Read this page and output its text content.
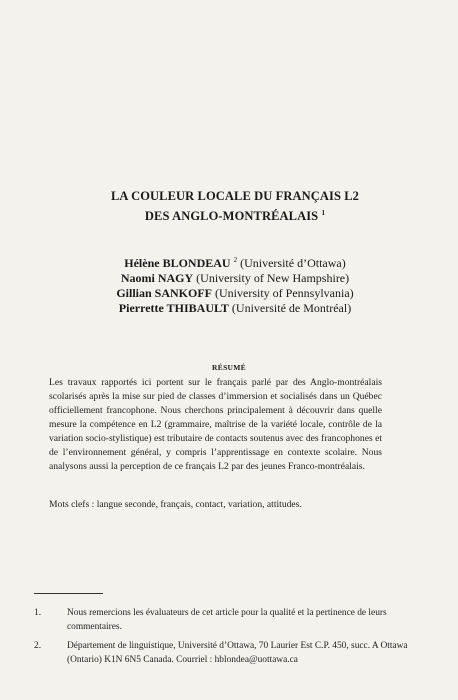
LA COULEUR LOCALE DU FRANÇAIS L2
DES ANGLO-MONTRÉALAIS $^1$
Hélène BLONDEAU $^2$ (Université d’Ottawa)
Naomi NAGY (University of New Hampshire)
Gillian SANKOFF (University of Pennsylvania)
Pierrette THIBAULT (Université de Montréal)
RÉSUMÉ
Les travaux rapportés ici portent sur le français parlé par des Anglo-montréalais scolarisés après la mise sur pied de classes d’immersion et socialisés dans un Québec officiellement francophone. Nous cherchons principalement à découvrir dans quelle mesure la compétence en L2 (grammaire, maîtrise de la variété locale, contrôle de la variation socio-stylistique) est tributaire de contacts soutenus avec des francophones et de l’environnement général, y compris l’apprentissage en contexte scolaire. Nous analysons aussi la perception de ce français L2 par des jeunes Franco-montréalais.
Mots clefs : langue seconde, français, contact, variation, attitudes.
1.	Nous remercions les évaluateurs de cet article pour la qualité et la pertinence de leurs commentaires.
2.	Département de linguistique, Université d’Ottawa, 70 Laurier Est C.P. 450, succ. A Ottawa (Ontario) K1N 6N5 Canada. Courriel : hblondea@uottawa.ca
